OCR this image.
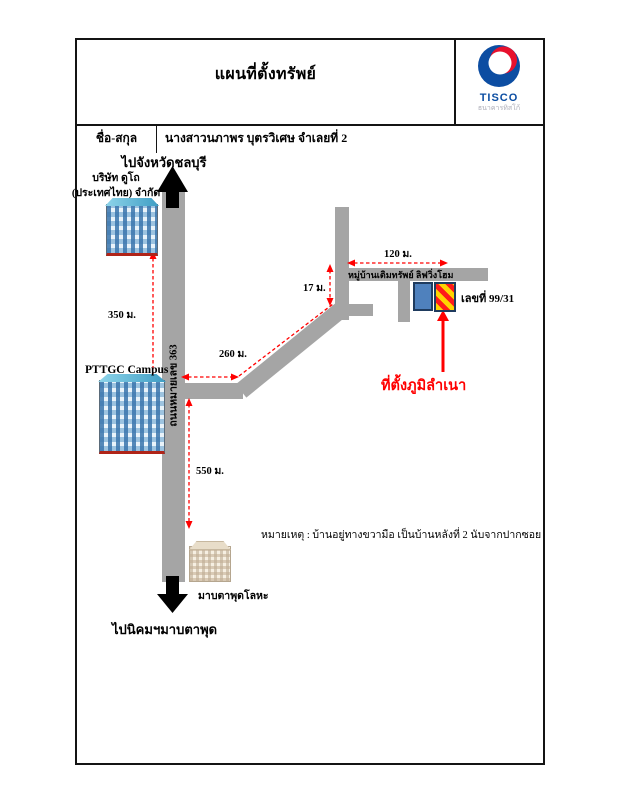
แผนที่ตั้งทรัพย์
TISCO
ธนาคารทิสโก้
ชื่อ-สกุล	นางสาวนภาพร บุตรวิเศษ จำเลยที่ 2
ไปจังหวัดชลบุรี
บริษัท ดูโถ
(ประเทศไทย) จำกัด
350 ม.
PTTGC Campus ถนนหมายเลข 363	260 ม.
17 ม.
120 ม.
หมู่บ้านเติมทรัพย์ ลิฟวิ่งโฮม
เลขที่ 99/31
ที่ตั้งภูมิลำเนา
550 ม.
มาบตาพุดโลหะ
ไปนิคมฯมาบตาพุด
หมายเหตุ : บ้านอยู่ทางขวามือ เป็นบ้านหลังที่ 2 นับจากปากซอย
